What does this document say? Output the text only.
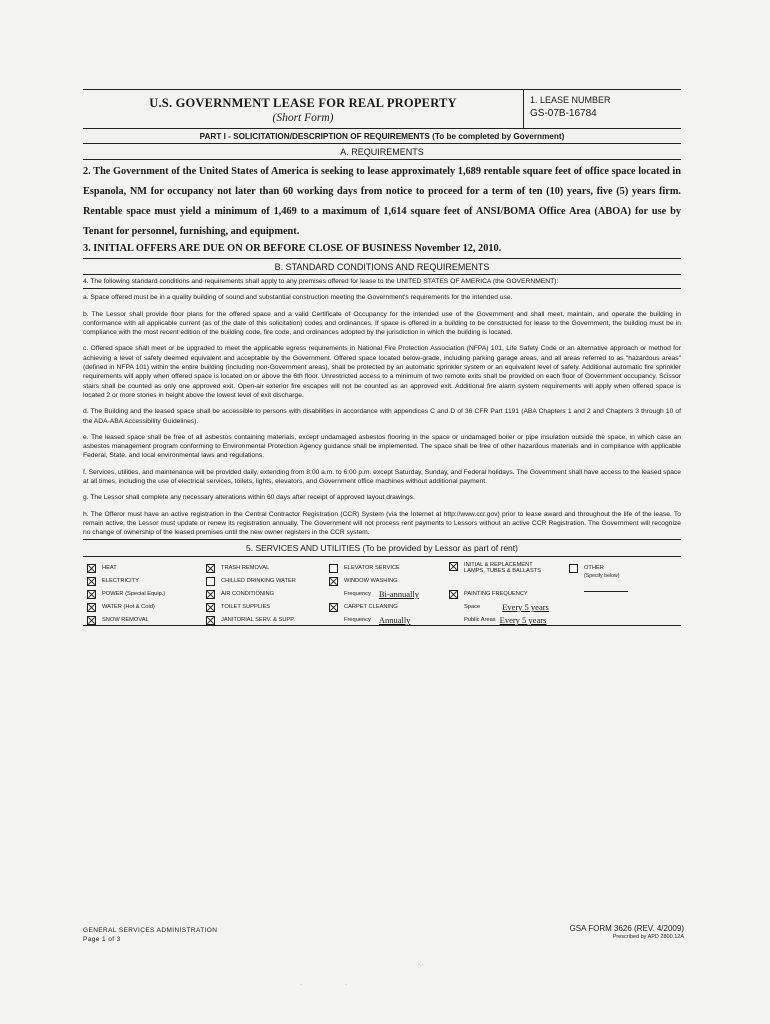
U.S. GOVERNMENT LEASE FOR REAL PROPERTY
(Short Form)
1. LEASE NUMBER
GS-07B-16784
PART I - SOLICITATION/DESCRIPTION OF REQUIREMENTS (To be completed by Government)
A. REQUIREMENTS
2. The Government of the United States of America is seeking to lease approximately 1,689 rentable square feet of office space located in Espanola, NM for occupancy not later than 60 working days from notice to proceed for a term of ten (10) years, five (5) years firm. Rentable space must yield a minimum of 1,469 to a maximum of 1,614 square feet of ANSI/BOMA Office Area (ABOA) for use by Tenant for personnel, furnishing, and equipment.
3. INITIAL OFFERS ARE DUE ON OR BEFORE CLOSE OF BUSINESS November 12, 2010.
B. STANDARD CONDITIONS AND REQUIREMENTS
4. The following standard conditions and requirements shall apply to any premises offered for lease to the UNITED STATES OF AMERICA (the GOVERNMENT):
a. Space offered must be in a quality building of sound and substantial construction meeting the Government's requirements for the intended use.
b. The Lessor shall provide floor plans for the offered space and a valid Certificate of Occupancy for the intended use of the Government and shall meet, maintain, and operate the building in conformance with all applicable current (as of the date of this solicitation) codes and ordinances. If space is offered in a building to be constructed for lease to the Government, the building must be in compliance with the most recent edition of the building code, fire code, and ordinances adopted by the jurisdiction in which the building is located.
c. Offered space shall meet or be upgraded to meet the applicable egress requirements in National Fire Protection Association (NFPA) 101, Life Safety Code or an alternative approach or method for achieving a level of safety deemed equivalent and acceptable by the Government. Offered space located below-grade, including parking garage areas, and all areas referred to as "hazardous areas" (defined in NFPA 101) within the entire building (including non-Government areas), shall be protected by an automatic sprinkler system or an equivalent level of safety. Additional automatic fire sprinkler requirements will apply when offered space is located on or above the 6th floor. Unrestricted access to a minimum of two remote exits shall be provided on each floor of Government occupancy. Scissor stairs shall be counted as only one approved exit. Open-air exterior fire escapes will not be counted as an approved exit. Additional fire alarm system requirements will apply when offered space is located 2 or more stories in height above the lowest level of exit discharge.
d. The Building and the leased space shall be accessible to persons with disabilities in accordance with appendices C and D of 36 CFR Part 1191 (ABA Chapters 1 and 2 and Chapters 3 through 10 of the ADA-ABA Accessibility Guidelines).
e. The leased space shall be free of all asbestos containing materials, except undamaged asbestos flooring in the space or undamaged boiler or pipe insulation outside the space, in which case an asbestos management program conforming to Environmental Protection Agency guidance shall be implemented. The space shall be free of other hazardous materials and in compliance with applicable Federal, State, and local environmental laws and regulations.
f. Services, utilities, and maintenance will be provided daily, extending from 8:00 a.m. to 6:00 p.m. except Saturday, Sunday, and Federal holidays. The Government shall have access to the leased space at all times, including the use of electrical services, toilets, lights, elevators, and Government office machines without additional payment.
g. The Lessor shall complete any necessary alterations within 60 days after receipt of approved layout drawings.
h. The Offeror must have an active registration in the Central Contractor Registration (CCR) System (via the Internet at http://www.ccr.gov) prior to lease award and throughout the life of the lease. To remain active, the Lessor must update or renew its registration annually. The Government will not process rent payments to Lessors without an active CCR Registration. The Government will recognize no change of ownership of the leased premises until the new owner registers in the CCR system.
5. SERVICES AND UTILITIES (To be provided by Lessor as part of rent)
HEAT
ELECTRICITY
POWER (Special Equip.)
WATER (Hot & Cold)
SNOW REMOVAL
TRASH REMOVAL
CHILLED DRINKING WATER
AIR CONDITIONING
TOILET SUPPLIES
JANITORIAL SERV. & SUPP.
ELEVATOR SERVICE
WINDOW WASHING
Frequency Bi-annually
CARPET CLEANING
Frequency Annually
INITIAL & REPLACEMENT
LAMPS, TUBES & BALLASTS
PAINTING FREQUENCY
Space	Every 5 years
Public Areas Every 5 years
OTHER
(Specify below)
GENERAL SERVICES ADMINISTRATION
Page 1 of 3
GSA FORM 3626 (REV. 4/2009)
Prescribed by APD 2800.12A
·.·
·	·
